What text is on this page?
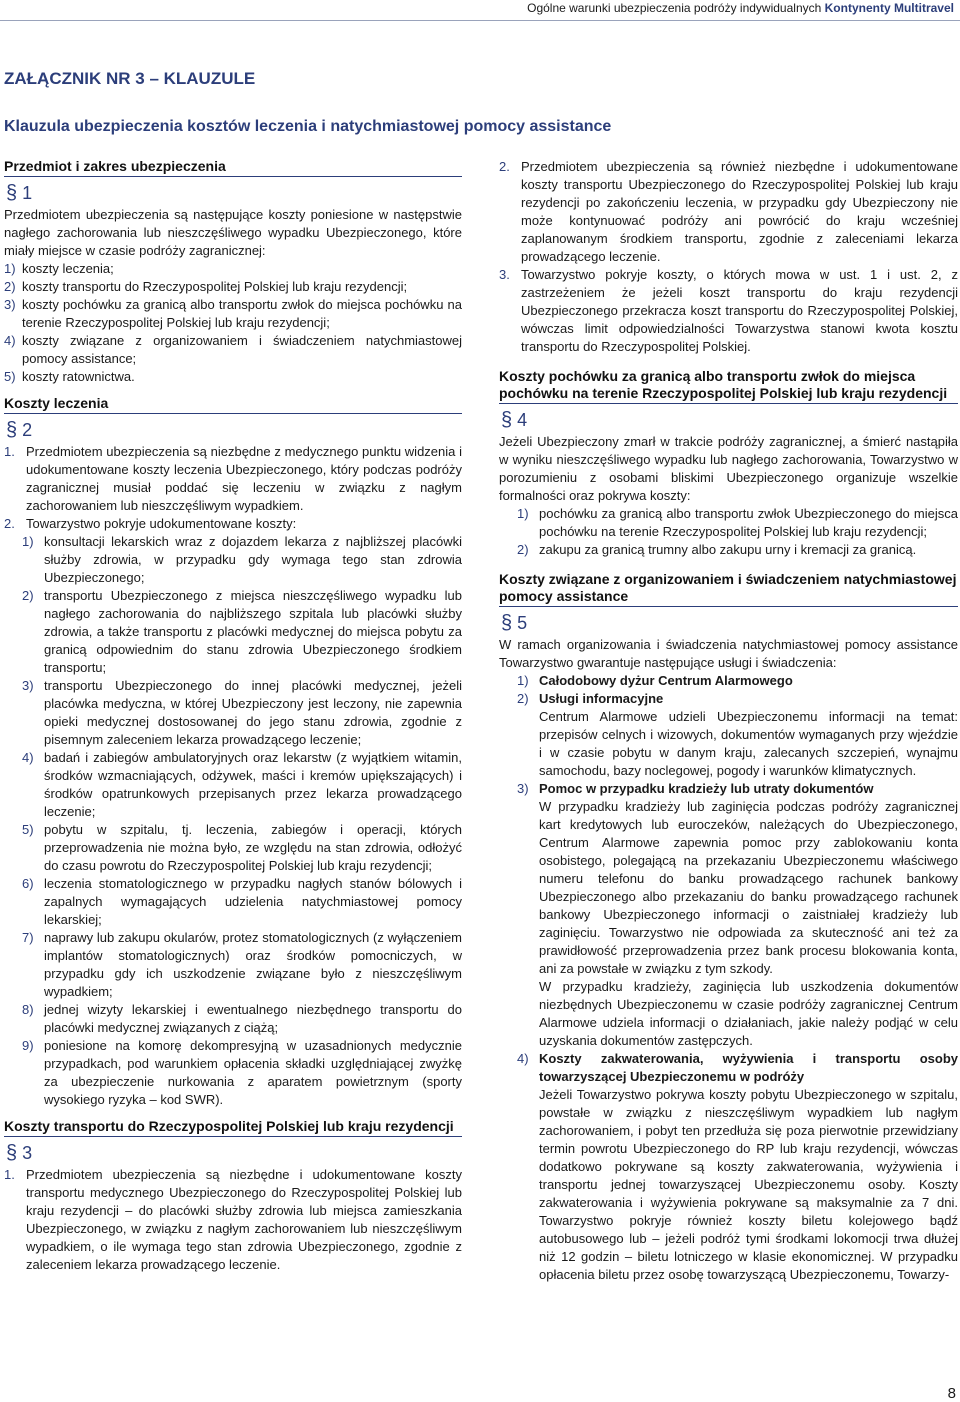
Ogólne warunki ubezpieczenia podróży indywidualnych Kontynenty Multitravel
ZAŁĄCZNIK NR 3 – KLAUZULE
Klauzula ubezpieczenia kosztów leczenia i natychmiastowej pomocy assistance
Przedmiot i zakres ubezpieczenia
§ 1

Przedmiotem ubezpieczenia są następujące koszty poniesione w następstwie nagłego zachorowania lub nieszczęśliwego wypadku Ubezpieczonego, które miały miejsce w czasie podróży zagranicznej:

1) koszty leczenia;
2) koszty transportu do Rzeczypospolitej Polskiej lub kraju rezydencji;
3) koszty pochówku za granicą albo transportu zwłok do miejsca pochówku na terenie Rzeczypospolitej Polskiej lub kraju rezydencji;
4) koszty związane z organizowaniem i świadczeniem natychmiastowej pomocy assistance;
5) koszty ratownictwa.
Koszty leczenia
§ 2
1. Przedmiotem ubezpieczenia są niezbędne z medycznego punktu widzenia i udokumentowane koszty leczenia Ubezpieczonego, który podczas podróży zagranicznej musiał poddać się leczeniu w związku z nagłym zachorowaniem lub nieszczęśliwym wypadkiem.
2. Towarzystwo pokryje udokumentowane koszty:
1) konsultacji lekarskich wraz z dojazdem lekarza z najbliższej placówki służby zdrowia, w przypadku gdy wymaga tego stan zdrowia Ubezpieczonego;
2) transportu Ubezpieczonego z miejsca nieszczęśliwego wypadku lub nagłego zachorowania do najbliższego szpitala lub placówki służby zdrowia, a także transportu z placówki medycznej do miejsca pobytu za granicą odpowiednim do stanu zdrowia Ubezpieczonego środkiem transportu;
3) transportu Ubezpieczonego do innej placówki medycznej, jeżeli placówka medyczna, w której Ubezpieczony jest leczony, nie zapewnia opieki medycznej dostosowanej do jego stanu zdrowia, zgodnie z pisemnym zaleceniem lekarza prowadzącego leczenie;
4) badań i zabiegów ambulatoryjnych oraz lekarstw (z wyjątkiem witamin, środków wzmacniających, odżywek, maści i kremów upiększających) i środków opatrunkowych przepisanych przez lekarza prowadzącego leczenie;
5) pobytu w szpitalu, tj. leczenia, zabiegów i operacji, których przeprowadzenia nie można było, ze względu na stan zdrowia, odłożyć do czasu powrotu do Rzeczypospolitej Polskiej lub kraju rezydencji;
6) leczenia stomatologicznego w przypadku nagłych stanów bólowych i zapalnych wymagających udzielenia natychmiastowej pomocy lekarskiej;
7) naprawy lub zakupu okularów, protez stomatologicznych (z wyłączeniem implantów stomatologicznych) oraz środków pomocniczych, w przypadku gdy ich uszkodzenie związane było z nieszczęśliwym wypadkiem;
8) jednej wizyty lekarskiej i ewentualnego niezbędnego transportu do placówki medycznej związanych z ciążą;
9) poniesione na komorę dekompresyjną w uzasadnionych medycznie przypadkach, pod warunkiem opłacenia składki uzględniającej zwyżkę za ubezpieczenie nurkowania z aparatem powietrznym (sporty wysokiego ryzyka – kod SWR).
Koszty transportu do Rzeczypospolitej Polskiej lub kraju rezydencji
§ 3
1. Przedmiotem ubezpieczenia są niezbędne i udokumentowane koszty transportu medycznego Ubezpieczonego do Rzeczypospolitej Polskiej lub kraju rezydencji – do placówki służby zdrowia lub miejsca zamieszkania Ubezpieczonego, w związku z nagłym zachorowaniem lub nieszczęśliwym wypadkiem, o ile wymaga tego stan zdrowia Ubezpieczonego, zgodnie z zaleceniem lekarza prowadzącego leczenie.
2. Przedmiotem ubezpieczenia są również niezbędne i udokumentowane koszty transportu Ubezpieczonego do Rzeczypospolitej Polskiej lub kraju rezydencji po zakończeniu leczenia, w przypadku gdy Ubezpieczony nie może kontynuować podróży ani powrócić do kraju wcześniej zaplanowanym środkiem transportu, zgodnie z zaleceniami lekarza prowadzącego leczenie.
3. Towarzystwo pokryje koszty, o których mowa w ust. 1 i ust. 2, z zastrzeżeniem że jeżeli koszt transportu do kraju rezydencji Ubezpieczonego przekracza koszt transportu do Rzeczypospolitej Polskiej, wówczas limit odpowiedzialności Towarzystwa stanowi kwota kosztu transportu do Rzeczypospolitej Polskiej.
Koszty pochówku za granicą albo transportu zwłok do miejsca pochówku na terenie Rzeczypospolitej Polskiej lub kraju rezydencji
§ 4

Jeżeli Ubezpieczony zmarł w trakcie podróży zagranicznej, a śmierć nastąpiła w wyniku nieszczęśliwego wypadku lub nagłego zachorowania, Towarzystwo w porozumieniu z osobami bliskimi Ubezpieczonego organizuje wszelkie formalności oraz pokrywa koszty:

1) pochówku za granicą albo transportu zwłok Ubezpieczonego do miejsca pochówku na terenie Rzeczypospolitej Polskiej lub kraju rezydencji;
2) zakupu za granicą trumny albo zakupu urny i kremacji za granicą.
Koszty związane z organizowaniem i świadczeniem natychmiastowej pomocy assistance
§ 5

W ramach organizowania i świadczenia natychmiastowej pomocy assistance Towarzystwo gwarantuje następujące usługi i świadczenia:

1) Całodobowy dyżur Centrum Alarmowego
2) Usługi informacyjne

Centrum Alarmowe udzieli Ubezpieczonemu informacji na temat: przepisów celnych i wizowych, dokumentów wymaganych przy wjeździe i w czasie pobytu w danym kraju, zalecanych szczepień, wynajmu samochodu, bazy noclegowej, pogody i warunków klimatycznych.

3) Pomoc w przypadku kradzieży lub utraty dokumentów

W przypadku kradzieży lub zaginięcia podczas podróży zagranicznej kart kredytowych lub euroczeków, należących do Ubezpieczonego, Centrum Alarmowe zapewnia pomoc przy zablokowaniu konta osobistego, polegającą na przekazaniu Ubezpieczonemu właściwego numeru telefonu do banku prowadzącego rachunek bankowy Ubezpieczonego albo przekazaniu do banku prowadzącego rachunek bankowy Ubezpieczonego informacji o zaistniałej kradzieży lub zaginięciu. Towarzystwo nie odpowiada za skuteczność ani też za prawidłowość przeprowadzenia przez bank procesu blokowania konta, ani za powstałe w związku z tym szkody.

W przypadku kradzieży, zaginięcia lub uszkodzenia dokumentów niezbędnych Ubezpieczonemu w czasie podróży zagranicznej Centrum Alarmowe udziela informacji o działaniach, jakie należy podjąć w celu uzyskania dokumentów zastępczych.

4) Koszty zakwaterowania, wyżywienia i transportu osoby towarzyszącej Ubezpieczonemu w podróży

Jeżeli Towarzystwo pokrywa koszty pobytu Ubezpieczonego w szpitalu, powstałe w związku z nieszczęśliwym wypadkiem lub nagłym zachorowaniem, i pobyt ten przedłuża się poza pierwotnie przewidziany termin powrotu Ubezpieczonego do RP lub kraju rezydencji, wówczas dodatkowo pokrywane są koszty zakwaterowania, wyżywienia i transportu jednej towarzyszącej Ubezpieczonemu osoby. Koszty zakwaterowania i wyżywienia pokrywane są maksymalnie za 7 dni. Towarzystwo pokryje również koszty biletu kolejowego bądź autobusowego lub – jeżeli podróż tymi środkami lokomocji trwa dłużej niż 12 godzin – biletu lotniczego w klasie ekonomicznej. W przypadku opłacenia biletu przez osobę towarzyszącą Ubezpieczonemu, Towarzy-

8
